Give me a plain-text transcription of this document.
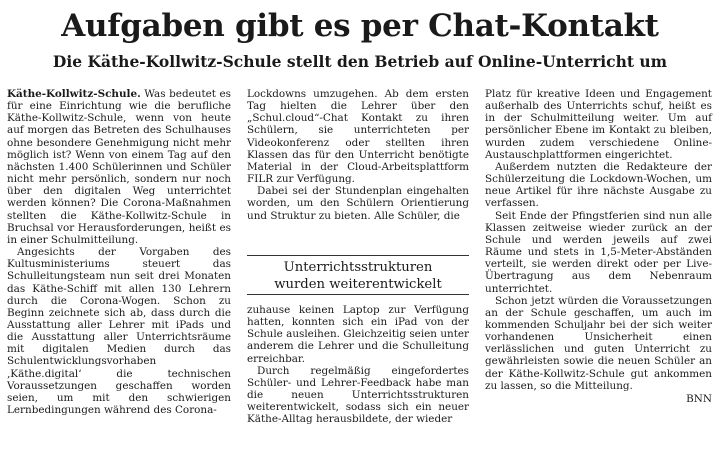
Aufgaben gibt es per Chat-Kontakt
Die Käthe-Kollwitz-Schule stellt den Betrieb auf Online-Unterricht um

Käthe-Kollwitz-Schule. Was bedeutet es für eine Einrichtung wie die berufliche Käthe-Kollwitz-Schule, wenn von heute auf morgen das Betreten des Schulhauses ohne besondere Genehmigung nicht mehr möglich ist? Wenn von einem Tag auf den nächsten 1.400 Schülerinnen und Schüler nicht mehr persönlich, sondern nur noch über den digitalen Weg unterrichtet werden können? Die Corona-Maßnahmen stellten die Käthe-Kollwitz-Schule in Bruchsal vor Herausforderungen, heißt es in einer Schulmitteilung.

Angesichts der Vorgaben des Kultusministeriums steuert das Schulleitungsteam nun seit drei Monaten das Käthe-Schiff mit allen 130 Lehrern durch die Corona-Wogen. Schon zu Beginn zeichnete sich ab, dass durch die Ausstattung aller Lehrer mit iPads und die Ausstattung aller Unterrichtsräume mit digitalen Medien durch das Schulentwicklungsvorhaben ‚Käthe.digital‘ die technischen Voraussetzungen geschaffen worden seien, um mit den schwierigen Lernbedingungen während des Corona-

Lockdowns umzugehen. Ab dem ersten Tag hielten die Lehrer über den „Schul.cloud“-Chat Kontakt zu ihren Schülern, sie unterrichteten per Videokonferenz oder stellten ihren Klassen das für den Unterricht benötigte Material in der Cloud-Arbeitsplattform FILR zur Verfügung.

Dabei sei der Stundenplan eingehalten worden, um den Schülern Orientierung und Struktur zu bieten. Alle Schüler, die

Unterrichtsstrukturen
wurden weiterentwickelt

zuhause keinen Laptop zur Verfügung hatten, konnten sich ein iPad von der Schule ausleihen. Gleichzeitig seien unter anderem die Lehrer und die Schulleitung erreichbar.

Durch regelmäßig eingefordertes Schüler- und Lehrer-Feedback habe man die neuen Unterrichtsstrukturen weiterentwickelt, sodass sich ein neuer Käthe-Alltag herausbildete, der wieder

Platz für kreative Ideen und Engagement außerhalb des Unterrichts schuf, heißt es in der Schulmitteilung weiter. Um auf persönlicher Ebene im Kontakt zu bleiben, wurden zudem verschiedene Online-Austauschplattformen eingerichtet.

Außerdem nutzten die Redakteure der Schülerzeitung die Lockdown-Wochen, um neue Artikel für ihre nächste Ausgabe zu verfassen.

Seit Ende der Pfingstferien sind nun alle Klassen zeitweise wieder zurück an der Schule und werden jeweils auf zwei Räume und stets in 1,5-Meter-Abständen verteilt, sie werden direkt oder per Live-Übertragung aus dem Nebenraum unterrichtet.

Schon jetzt würden die Voraussetzungen an der Schule geschaffen, um auch im kommenden Schuljahr bei der sich weiter vorhandenen Unsicherheit einen verlässlichen und guten Unterricht zu gewährleisten sowie die neuen Schüler an der Käthe-Kollwitz-Schule gut ankommen zu lassen, so die Mitteilung.

BNN
